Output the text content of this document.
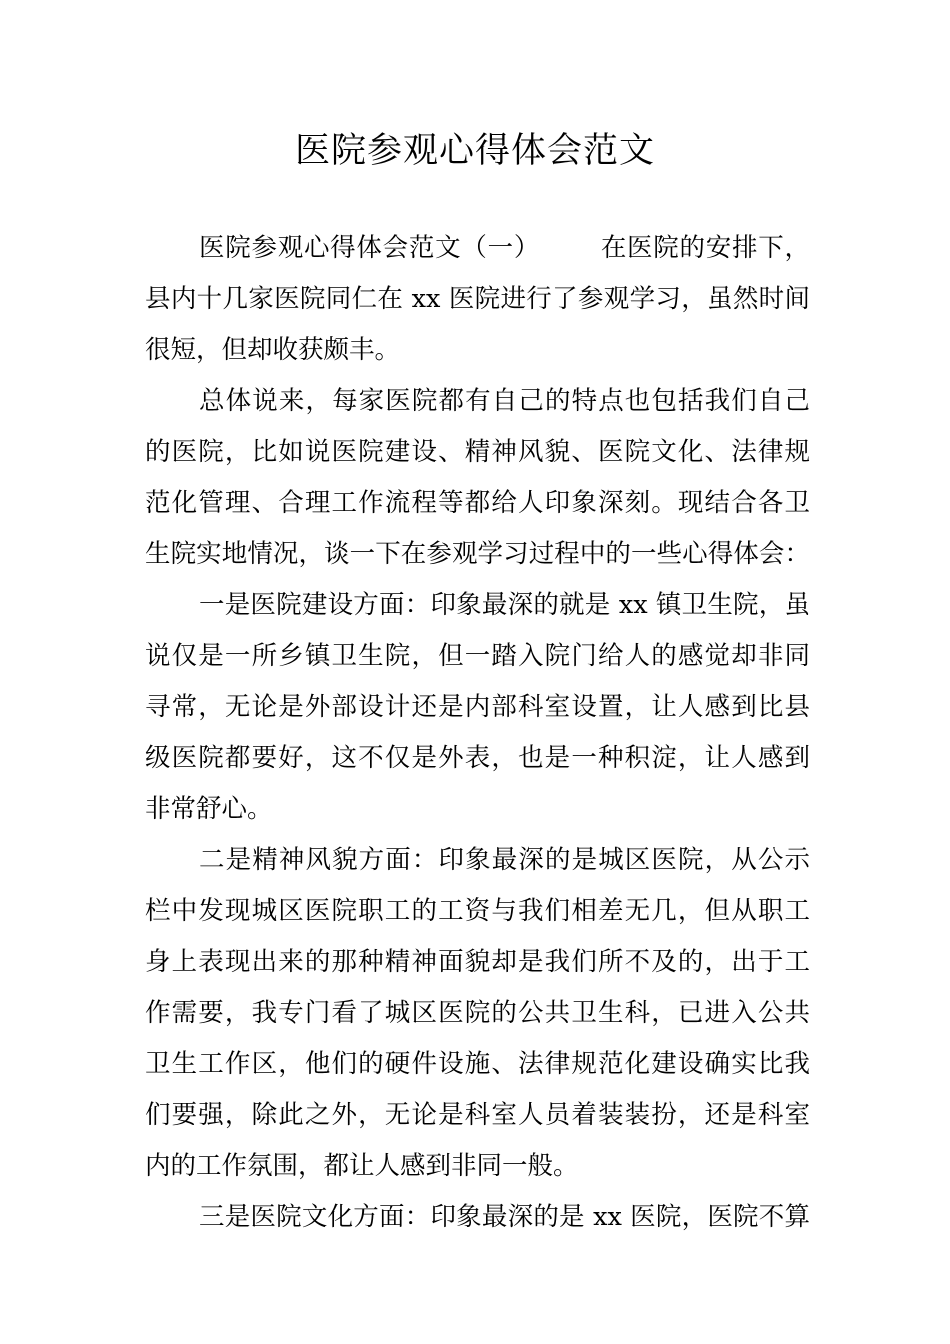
医院参观心得体会范文
医院参观心得体会范文（一） 在医院的安排下，
县内十几家医院同仁在 xx 医院进行了参观学习，虽然时间
很短，但却收获颇丰。
总体说来，每家医院都有自己的特点也包括我们自己
的医院，比如说医院建设、精神风貌、医院文化、法律规
范化管理、合理工作流程等都给人印象深刻。现结合各卫
生院实地情况，谈一下在参观学习过程中的一些心得体会：
一是医院建设方面：印象最深的就是 xx 镇卫生院，虽
说仅是一所乡镇卫生院，但一踏入院门给人的感觉却非同
寻常，无论是外部设计还是内部科室设置，让人感到比县
级医院都要好，这不仅是外表，也是一种积淀，让人感到
非常舒心。
二是精神风貌方面：印象最深的是城区医院，从公示
栏中发现城区医院职工的工资与我们相差无几，但从职工
身上表现出来的那种精神面貌却是我们所不及的，出于工
作需要，我专门看了城区医院的公共卫生科，已进入公共
卫生工作区，他们的硬件设施、法律规范化建设确实比我
们要强，除此之外，无论是科室人员着装装扮，还是科室
内的工作氛围，都让人感到非同一般。
三是医院文化方面：印象最深的是 xx 医院，医院不算
